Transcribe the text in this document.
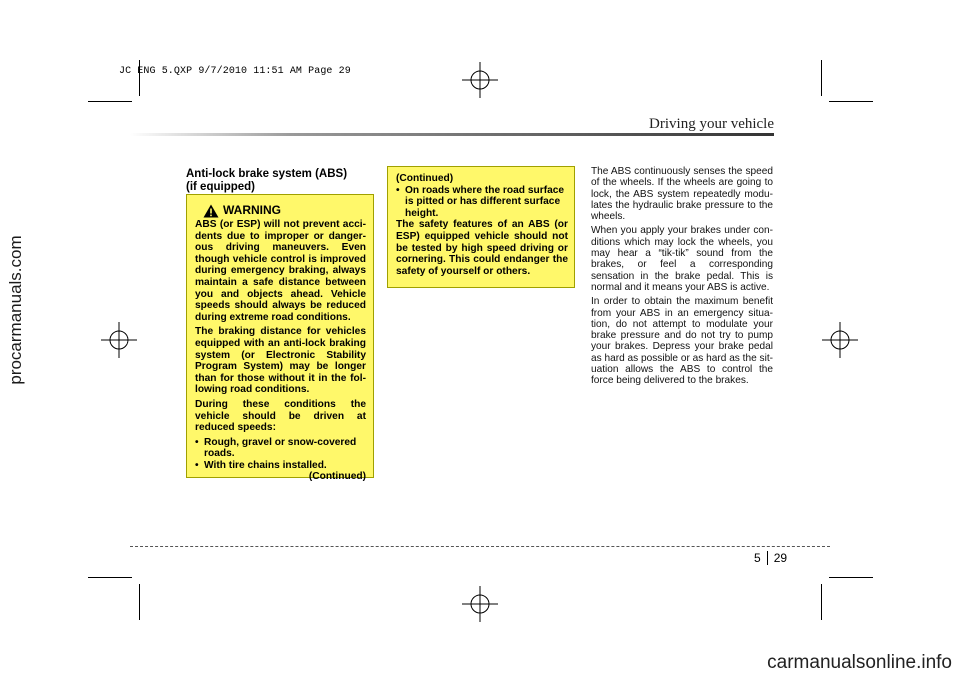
JC ENG 5.QXP 9/7/2010 11:51 AM Page 29
procarmanuals.com
Driving your vehicle
Anti-lock brake system (ABS)
(if equipped)
WARNING
ABS (or ESP) will not prevent acci-dents due to improper or danger-ous driving maneuvers. Even though vehicle control is improved during emergency braking, always maintain a safe distance between you and objects ahead. Vehicle speeds should always be reduced during extreme road conditions.
The braking distance for vehicles equipped with an anti-lock braking system (or Electronic Stability Program System) may be longer than for those without it in the fol-lowing road conditions.
During these conditions the vehicle should be driven at reduced speeds:
• Rough, gravel or snow-covered roads.
• With tire chains installed.
(Continued)
(Continued)
• On roads where the road surface is pitted or has different surface height.
The safety features of an ABS (or ESP) equipped vehicle should not be tested by high speed driving or cornering. This could endanger the safety of yourself or others.
The ABS continuously senses the speed of the wheels. If the wheels are going to lock, the ABS system repeatedly modu-lates the hydraulic brake pressure to the wheels.
When you apply your brakes under con-ditions which may lock the wheels, you may hear a “tik-tik” sound from the brakes, or feel a corresponding sensation in the brake pedal. This is normal and it means your ABS is active.
In order to obtain the maximum benefit from your ABS in an emergency situa-tion, do not attempt to modulate your brake pressure and do not try to pump your brakes. Depress your brake pedal as hard as possible or as hard as the sit-uation allows the ABS to control the force being delivered to the brakes.
5 29
carmanualsonline.info
